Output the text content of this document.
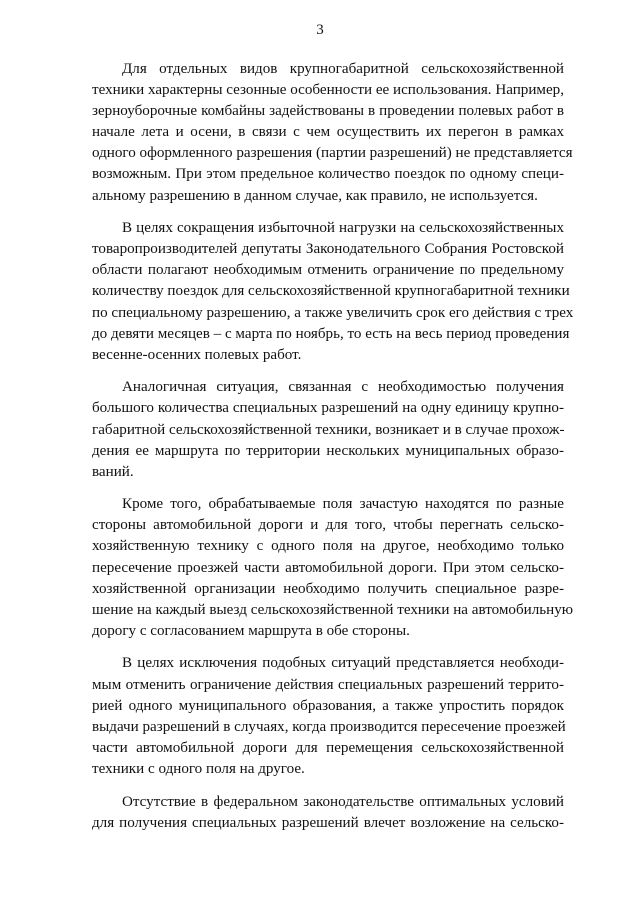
3
Для отдельных видов крупногабаритной сельскохозяйственной
техники характерны сезонные особенности ее использования. Например,
зерноуборочные комбайны задействованы в проведении полевых работ в
начале лета и осени, в связи с чем осуществить их перегон в рамках
одного оформленного разрешения (партии разрешений) не представляется
возможным. При этом предельное количество поездок по одному специ-
альному разрешению в данном случае, как правило, не используется.
В целях сокращения избыточной нагрузки на сельскохозяйственных
товаропроизводителей депутаты Законодательного Собрания Ростовской
области полагают необходимым отменить ограничение по предельному
количеству поездок для сельскохозяйственной крупногабаритной техники
по специальному разрешению, а также увеличить срок его действия с трех
до девяти месяцев – с марта по ноябрь, то есть на весь период проведения
весенне-осенних полевых работ.
Аналогичная ситуация, связанная с необходимостью получения
большого количества специальных разрешений на одну единицу крупно-
габаритной сельскохозяйственной техники, возникает и в случае прохож-
дения ее маршрута по территории нескольких муниципальных образо-
ваний.
Кроме того, обрабатываемые поля зачастую находятся по разные
стороны автомобильной дороги и для того, чтобы перегнать сельско-
хозяйственную технику с одного поля на другое, необходимо только
пересечение проезжей части автомобильной дороги. При этом сельско-
хозяйственной организации необходимо получить специальное разре-
шение на каждый выезд сельскохозяйственной техники на автомобильную
дорогу с согласованием маршрута в обе стороны.
В целях исключения подобных ситуаций представляется необходи-
мым отменить ограничение действия специальных разрешений террито-
рией одного муниципального образования, а также упростить порядок
выдачи разрешений в случаях, когда производится пересечение проезжей
части автомобильной дороги для перемещения сельскохозяйственной
техники с одного поля на другое.
Отсутствие в федеральном законодательстве оптимальных условий
для получения специальных разрешений влечет возложение на сельско-
